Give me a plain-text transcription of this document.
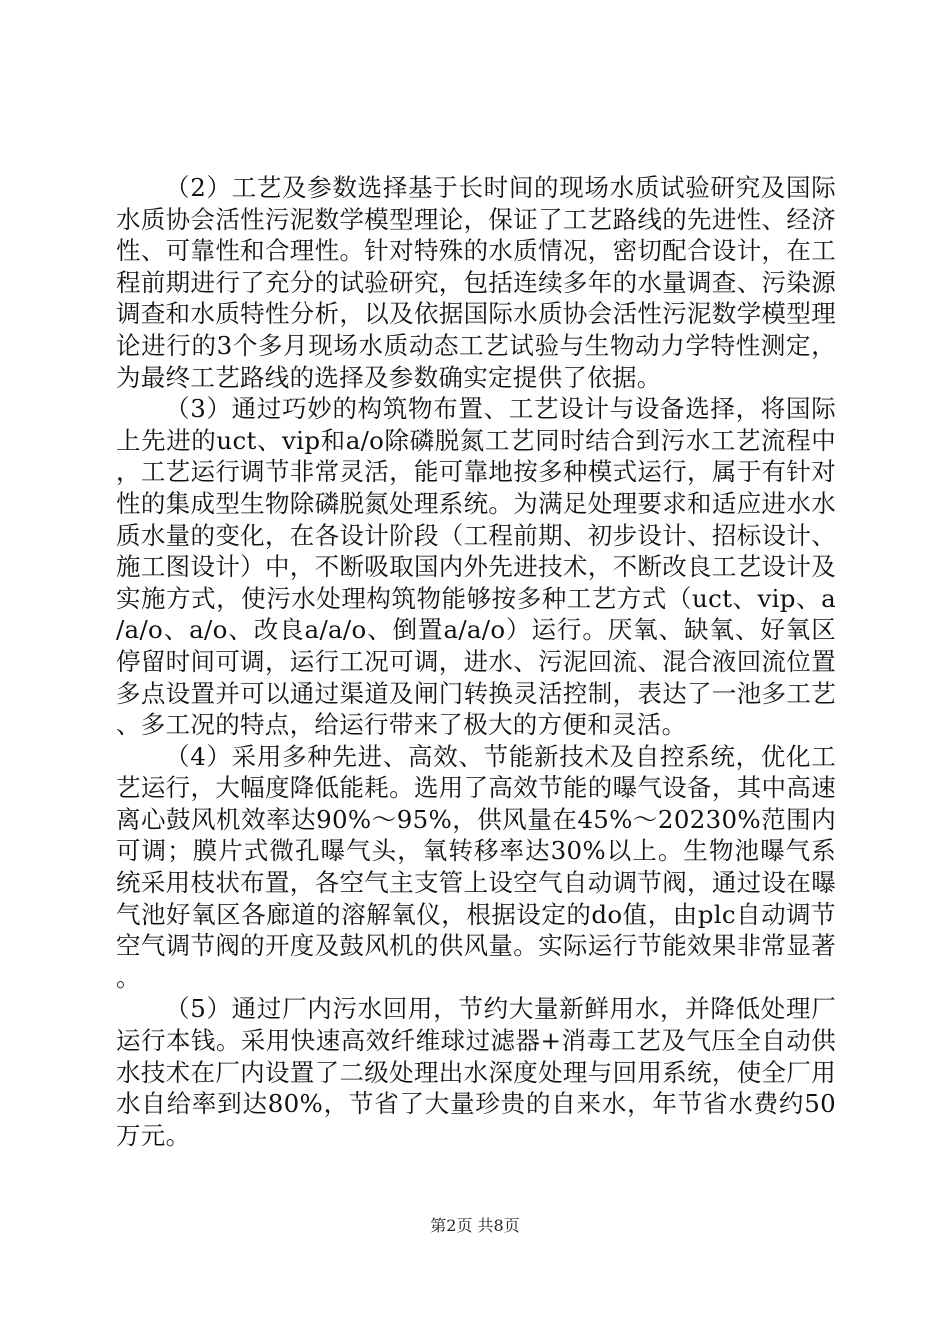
（2）工艺及参数选择基于长时间的现场水质试验研究及国际水质协会活性污泥数学模型理论，保证了工艺路线的先进性、经济性、可靠性和合理性。针对特殊的水质情况，密切配合设计，在工程前期进行了充分的试验研究，包括连续多年的水量调查、污染源调查和水质特性分析，以及依据国际水质协会活性污泥数学模型理论进行的3个多月现场水质动态工艺试验与生物动力学特性测定，为最终工艺路线的选择及参数确实定提供了依据。

（3）通过巧妙的构筑物布置、工艺设计与设备选择，将国际上先进的uct、vip和a/o除磷脱氮工艺同时结合到污水工艺流程中，工艺运行调节非常灵活，能可靠地按多种模式运行，属于有针对性的集成型生物除磷脱氮处理系统。为满足处理要求和适应进水水质水量的变化，在各设计阶段（工程前期、初步设计、招标设计、施工图设计）中，不断吸取国内外先进技术，不断改良工艺设计及实施方式，使污水处理构筑物能够按多种工艺方式（uct、vip、a/a/o、a/o、改良a/a/o、倒置a/a/o）运行。厌氧、缺氧、好氧区停留时间可调，运行工况可调，进水、污泥回流、混合液回流位置多点设置并可以通过渠道及闸门转换灵活控制，表达了一池多工艺、多工况的特点，给运行带来了极大的方便和灵活。

（4）采用多种先进、高效、节能新技术及自控系统，优化工艺运行，大幅度降低能耗。选用了高效节能的曝气设备，其中高速离心鼓风机效率达90%～95%，供风量在45%～20230%范围内可调；膜片式微孔曝气头，氧转移率达30%以上。生物池曝气系统采用枝状布置，各空气主支管上设空气自动调节阀，通过设在曝气池好氧区各廊道的溶解氧仪，根据设定的do值，由plc自动调节空气调节阀的开度及鼓风机的供风量。实际运行节能效果非常显著。

（5）通过厂内污水回用，节约大量新鲜用水，并降低处理厂运行本钱。采用快速高效纤维球过滤器+消毒工艺及气压全自动供水技术在厂内设置了二级处理出水深度处理与回用系统，使全厂用水自给率到达80%，节省了大量珍贵的自来水，年节省水费约50万元。

第2页 共8页
